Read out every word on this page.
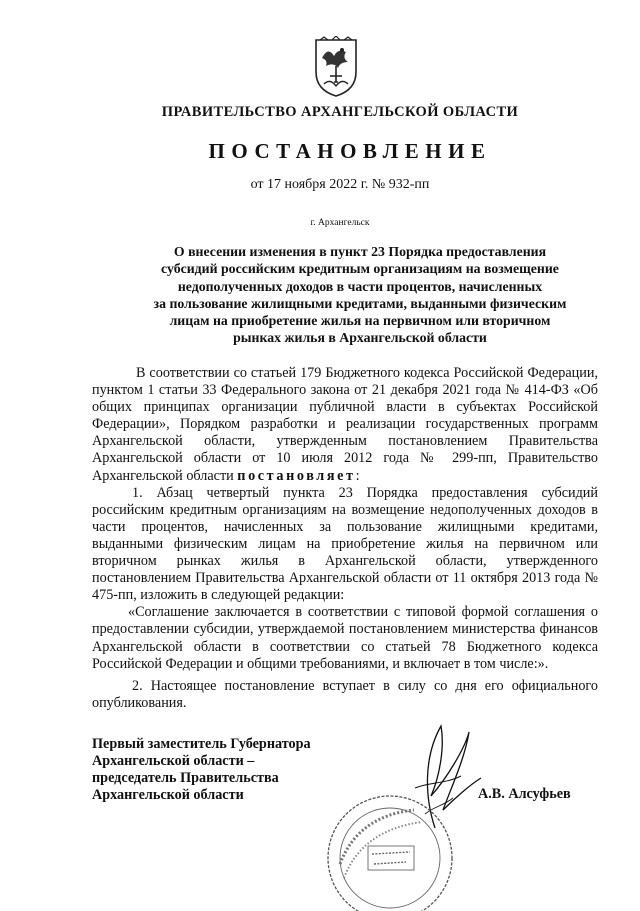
ПРАВИТЕЛЬСТВО АРХАНГЕЛЬСКОЙ ОБЛАСТИ
ПОСТАНОВЛЕНИЕ
от 17 ноября 2022 г. № 932-пп
г. Архангельск
О внесении изменения в пункт 23 Порядка предоставления
субсидий российским кредитным организациям на возмещение
недополученных доходов в части процентов, начисленных
за пользование жилищными кредитами, выданными физическим
лицам на приобретение жилья на первичном или вторичном
рынках жилья в Архангельской области

В соответствии со статьей 179 Бюджетного кодекса Российской Федерации, пунктом 1 статьи 33 Федерального закона от 21 декабря 2021 года № 414-ФЗ «Об общих принципах организации публичной власти в субъектах Российской Федерации», Порядком разработки и реализации государственных программ Архангельской области, утвержденным постановлением Правительства Архангельской области от 10 июля 2012 года № 299-пп, Правительство Архангельской области постановляет:

1. Абзац четвертый пункта 23 Порядка предоставления субсидий российским кредитным организациям на возмещение недополученных доходов в части процентов, начисленных за пользование жилищными кредитами, выданными физическим лицам на приобретение жилья на первичном или вторичном рынках жилья в Архангельской области, утвержденного постановлением Правительства Архангельской области от 11 октября 2013 года № 475-пп, изложить в следующей редакции:

«Соглашение заключается в соответствии с типовой формой соглашения о предоставлении субсидии, утверждаемой постановлением министерства финансов Архангельской области в соответствии со статьей 78 Бюджетного кодекса Российской Федерации и общими требованиями, и включает в том числе:».

2. Настоящее постановление вступает в силу со дня его официального опубликования.

Первый заместитель Губернатора
Архангельской области –
председатель Правительства
Архангельской области	А.В. Алсуфьев
